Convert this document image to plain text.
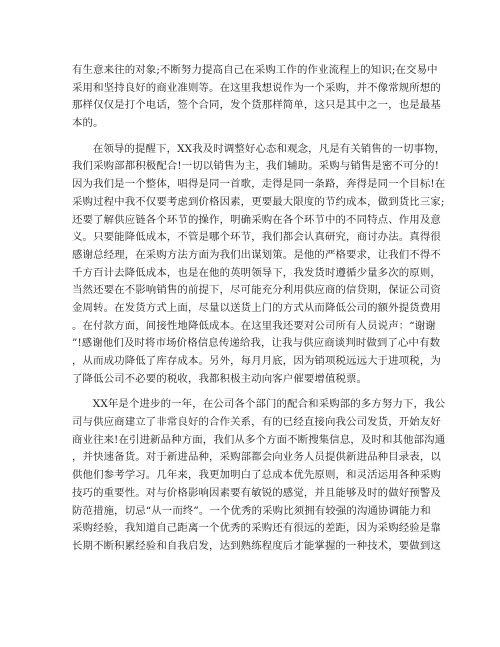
有生意来往的对象;不断努力提高自己在采购工作的作业流程上的知识;在交易中
采用和坚持良好的商业准则等。在这里我想说作为一个采购，并不像常规所想的
那样仅仅是打个电话，签个合同，发个货那样简单，这只是其中之一，也是最基
本的。
在领导的提醒下，XX我及时调整好心态和观念，凡是有关销售的一切事物，
我们采购部都积极配合!一切以销售为主，我们辅助。采购与销售是密不可分的!
因为我们是一个整体，唱得是同一首歌，走得是同一条路，奔得是同一个目标!在
采购过程中我不仅要考虑到价格因素，更要最大限度的节约成本，做到货比三家;
还要了解供应链各个环节的操作，明确采购在各个环节中的不同特点、作用及意
义。只要能降低成本，不管是哪个环节，我们都会认真研究，商讨办法。真得很
感谢总经理，在采购方法方面为我们出谋划策。是他的严格要求，让我们不得不
千方百计去降低成本，也是在他的英明领导下，我发货时遵循少量多次的原则，
当然还要在不影响销售的前提下，尽可能充分利用供应商的信贷期，保证公司资
金周转。在发货方式上面，尽量以送货上门的方式从而降低公司的额外提货费用
。在付款方面，间接性地降低成本。在这里我还要对公司所有人员说声：“谢谢
”!感谢他们及时将市场价格信息传递给我，让我与供应商谈判时做到了心中有数
，从而成功降低了库存成本。另外，每月月底，因为销项税远远大于进项税，为
了降低公司不必要的税收，我都积极主动向客户催要增值税票。
XX年是个进步的一年，在公司各个部门的配合和采购部的多方努力下，我公
司与供应商建立了非常良好的合作关系，有的已经直接向我公司发货，开始友好
商业往来!在引进新品种方面，我们从多个方面不断搜集信息，及时和其他部沟通
，并快速备货。对于新进品种，采购部都会向业务人员提供新进品种目录表，以
供他们参考学习。几年来，我更加明白了总成本优先原则，和灵活运用各种采购
技巧的重要性。对与价格影响因素要有敏锐的感觉，并且能够及时的做好预警及
防范措施，切忌“从一而终”。一个优秀的采购比须拥有较强的沟通协调能力和
采购经验，我知道自己距离一个优秀的采购还有很远的差距，因为采购经验是靠
长期不断积累经验和自我启发，达到熟练程度后才能掌握的一种技术，要做到这
